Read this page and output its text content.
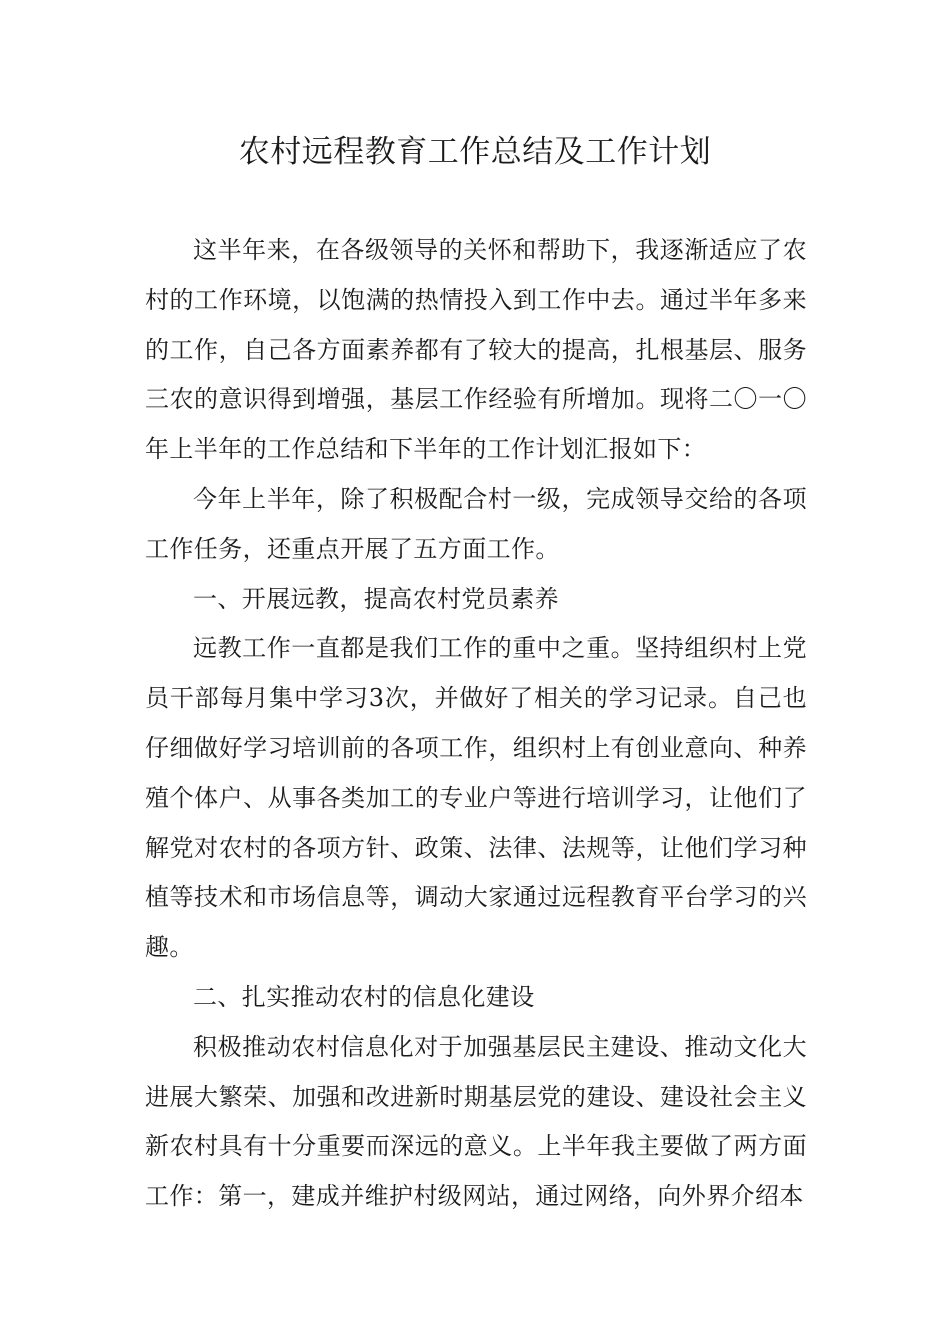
农村远程教育工作总结及工作计划

这半年来，在各级领导的关怀和帮助下，我逐渐适应了农村的工作环境，以饱满的热情投入到工作中去。通过半年多来的工作，自己各方面素养都有了较大的提高，扎根基层、服务三农的意识得到增强，基层工作经验有所增加。现将二〇一〇年上半年的工作总结和下半年的工作计划汇报如下：

今年上半年，除了积极配合村一级，完成领导交给的各项工作任务，还重点开展了五方面工作。

一、开展远教，提高农村党员素养

远教工作一直都是我们工作的重中之重。坚持组织村上党员干部每月集中学习3次，并做好了相关的学习记录。自己也仔细做好学习培训前的各项工作，组织村上有创业意向、种养殖个体户、从事各类加工的专业户等进行培训学习，让他们了解党对农村的各项方针、政策、法律、法规等，让他们学习种植等技术和市场信息等，调动大家通过远程教育平台学习的兴趣。

二、扎实推动农村的信息化建设

积极推动农村信息化对于加强基层民主建设、推动文化大进展大繁荣、加强和改进新时期基层党的建设、建设社会主义新农村具有十分重要而深远的意义。上半年我主要做了两方面工作：第一，建成并维护村级网站，通过网络，向外界介绍本
